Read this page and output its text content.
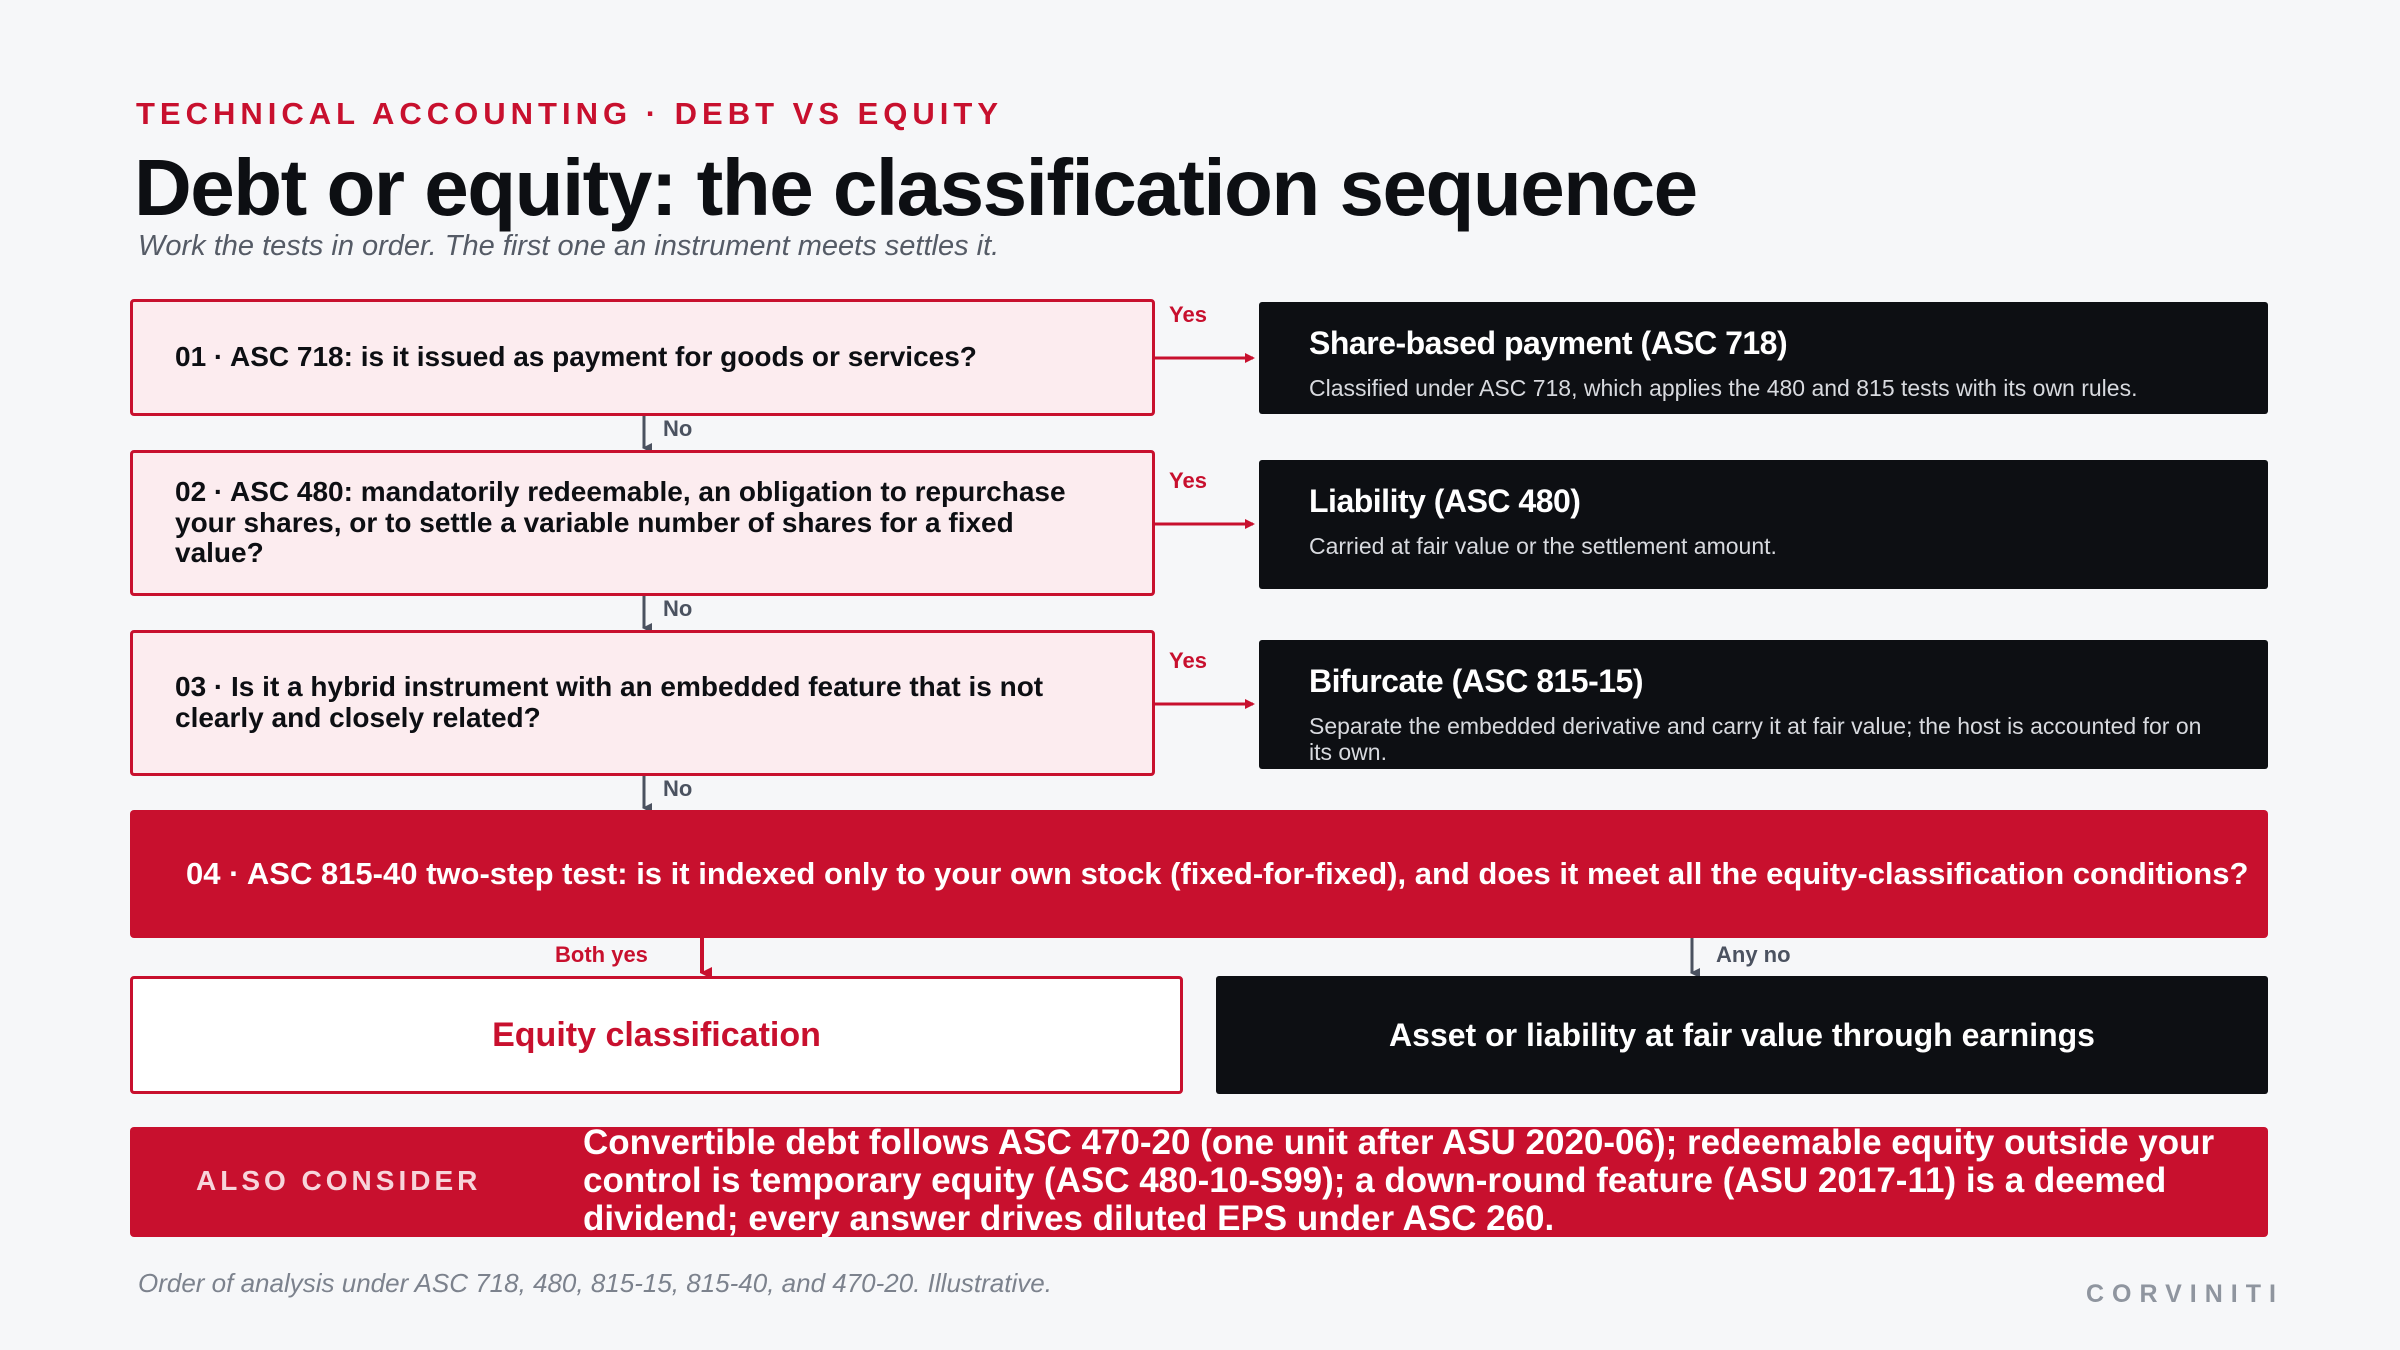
TECHNICAL ACCOUNTING · DEBT VS EQUITY
Debt or equity: the classification sequence
Work the tests in order. The first one an instrument meets settles it.
01 · ASC 718: is it issued as payment for goods or services?
Yes
Share-based payment (ASC 718)
Classified under ASC 718, which applies the 480 and 815 tests with its own rules.
No
02 · ASC 480: mandatorily redeemable, an obligation to repurchase your shares, or to settle a variable number of shares for a fixed value?
Yes
Liability (ASC 480)
Carried at fair value or the settlement amount.
No
03 · Is it a hybrid instrument with an embedded feature that is not clearly and closely related?
Yes
Bifurcate (ASC 815-15)
Separate the embedded derivative and carry it at fair value; the host is accounted for on its own.
No
04 · ASC 815-40 two-step test: is it indexed only to your own stock (fixed-for-fixed), and does it meet all the equity-classification conditions?
Both yes	Any no
Equity classification	Asset or liability at fair value through earnings
ALSO CONSIDER
Convertible debt follows ASC 470-20 (one unit after ASU 2020-06); redeemable equity outside your control is temporary equity (ASC 480-10-S99); a down-round feature (ASU 2017-11) is a deemed dividend; every answer drives diluted EPS under ASC 260.
Order of analysis under ASC 718, 480, 815-15, 815-40, and 470-20. Illustrative.	CORVINITI
